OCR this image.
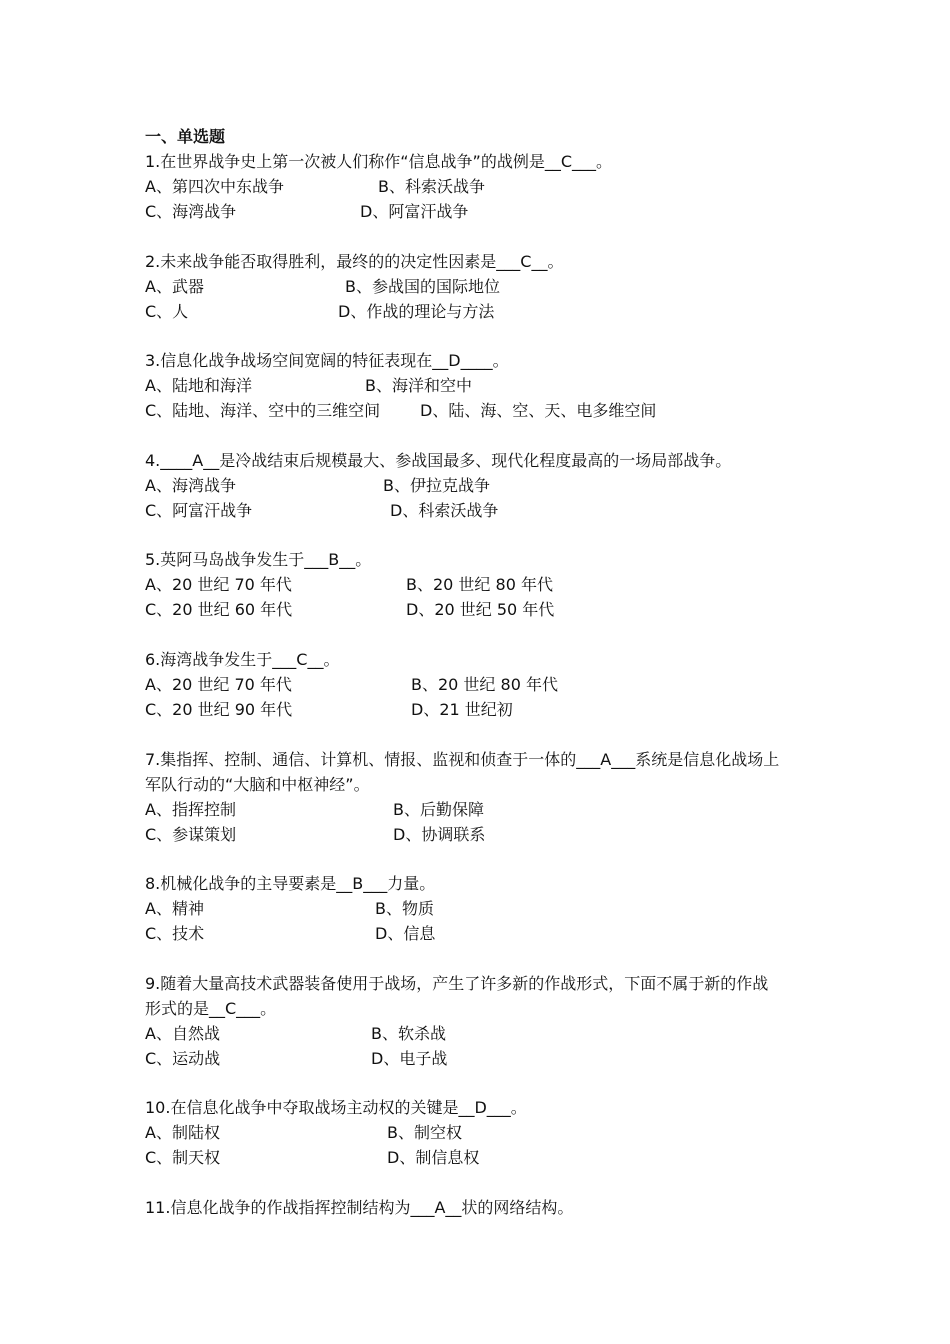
一、单选题
1.在世界战争史上第一次被人们称作“信息战争”的战例是__C___。
A、第四次中东战争	B、科索沃战争
C、海湾战争	D、阿富汗战争
2.未来战争能否取得胜利，最终的的决定性因素是___C__。
A、武器	B、参战国的国际地位
C、人	D、作战的理论与方法
3.信息化战争战场空间宽阔的特征表现在__D____。
A、陆地和海洋	B、海洋和空中
C、陆地、海洋、空中的三维空间 D、陆、海、空、天、电多维空间
4.____A__是冷战结束后规模最大、参战国最多、现代化程度最高的一场局部战争。
A、海湾战争	B、伊拉克战争
C、阿富汗战争	D、科索沃战争
5.英阿马岛战争发生于___B__。
A、20 世纪 70 年代	B、20 世纪 80 年代
C、20 世纪 60 年代	D、20 世纪 50 年代
6.海湾战争发生于___C__。
A、20 世纪 70 年代	B、20 世纪 80 年代
C、20 世纪 90 年代	D、21 世纪初
7.集指挥、控制、通信、计算机、情报、监视和侦查于一体的___A___系统是信息化战场上
军队行动的“大脑和中枢神经”。
A、指挥控制	B、后勤保障
C、参谋策划	D、协调联系
8.机械化战争的主导要素是__B___力量。
A、精神	B、物质
C、技术	D、信息
9.随着大量高技术武器装备使用于战场，产生了许多新的作战形式，下面不属于新的作战
形式的是__C___。
A、自然战	B、软杀战
C、运动战	D、电子战
10.在信息化战争中夺取战场主动权的关键是__D___。
A、制陆权	B、制空权
C、制天权	D、制信息权
11.信息化战争的作战指挥控制结构为___A__状的网络结构。
